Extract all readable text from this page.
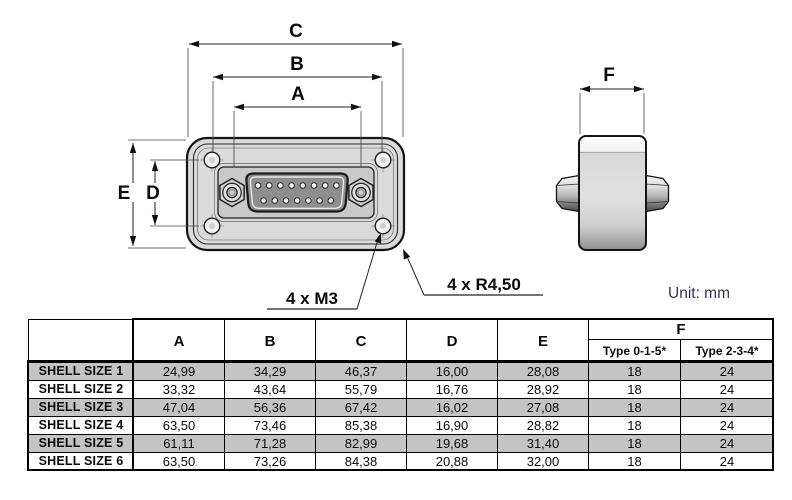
C
B
A
E D
4 x M3
4 x R4,50
F
Unit: mm
	A	B	C	D	E	F	
						Type 0-1-5*	Type 2-3-4*
SHELL SIZE 1	24,99	34,29	46,37	16,00	28,08	18	24
SHELL SIZE 2	33,32	43,64	55,79	16,76	28,92	18	24
SHELL SIZE 3	47,04	56,36	67,42	16,02	27,08	18	24
SHELL SIZE 4	63,50	73,46	85,38	16,90	28,82	18	24
SHELL SIZE 5	61,11	71,28	82,99	19,68	31,40	18	24
SHELL SIZE 6	63,50	73,26	84,38	20,88	32,00	18	24
